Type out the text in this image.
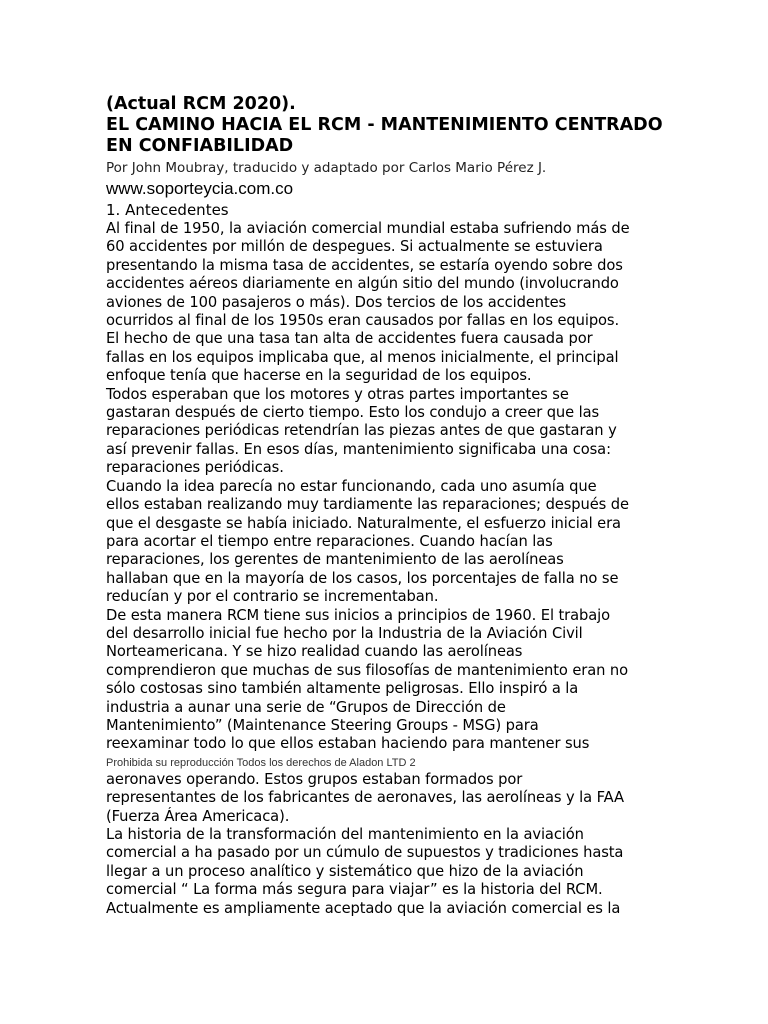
(Actual RCM 2020).
EL CAMINO HACIA EL RCM - MANTENIMIENTO CENTRADO
EN CONFIABILIDAD
Por John Moubray, traducido y adaptado por Carlos Mario Pérez J.
www.soporteycia.com.co
1. Antecedentes
Al final de 1950, la aviación comercial mundial estaba sufriendo más de
60 accidentes por millón de despegues. Si actualmente se estuviera
presentando la misma tasa de accidentes, se estaría oyendo sobre dos
accidentes aéreos diariamente en algún sitio del mundo (involucrando
aviones de 100 pasajeros o más). Dos tercios de los accidentes
ocurridos al final de los 1950s eran causados por fallas en los equipos.
El hecho de que una tasa tan alta de accidentes fuera causada por
fallas en los equipos implicaba que, al menos inicialmente, el principal
enfoque tenía que hacerse en la seguridad de los equipos.
Todos esperaban que los motores y otras partes importantes se
gastaran después de cierto tiempo. Esto los condujo a creer que las
reparaciones periódicas retendrían las piezas antes de que gastaran y
así prevenir fallas. En esos días, mantenimiento significaba una cosa:
reparaciones periódicas.
Cuando la idea parecía no estar funcionando, cada uno asumía que
ellos estaban realizando muy tardiamente las reparaciones; después de
que el desgaste se había iniciado. Naturalmente, el esfuerzo inicial era
para acortar el tiempo entre reparaciones. Cuando hacían las
reparaciones, los gerentes de mantenimiento de las aerolíneas
hallaban que en la mayoría de los casos, los porcentajes de falla no se
reducían y por el contrario se incrementaban.
De esta manera RCM tiene sus inicios a principios de 1960. El trabajo
del desarrollo inicial fue hecho por la Industria de la Aviación Civil
Norteamericana. Y se hizo realidad cuando las aerolíneas
comprendieron que muchas de sus filosofías de mantenimiento eran no
sólo costosas sino también altamente peligrosas. Ello inspiró a la
industria a aunar una serie de “Grupos de Dirección de
Mantenimiento” (Maintenance Steering Groups - MSG) para
reexaminar todo lo que ellos estaban haciendo para mantener sus
Prohibida su reproducción Todos los derechos de Aladon LTD 2
aeronaves operando. Estos grupos estaban formados por
representantes de los fabricantes de aeronaves, las aerolíneas y la FAA
(Fuerza Área Americaca).
La historia de la transformación del mantenimiento en la aviación
comercial a ha pasado por un cúmulo de supuestos y tradiciones hasta
llegar a un proceso analítico y sistemático que hizo de la aviación
comercial “ La forma más segura para viajar” es la historia del RCM.
Actualmente es ampliamente aceptado que la aviación comercial es la
